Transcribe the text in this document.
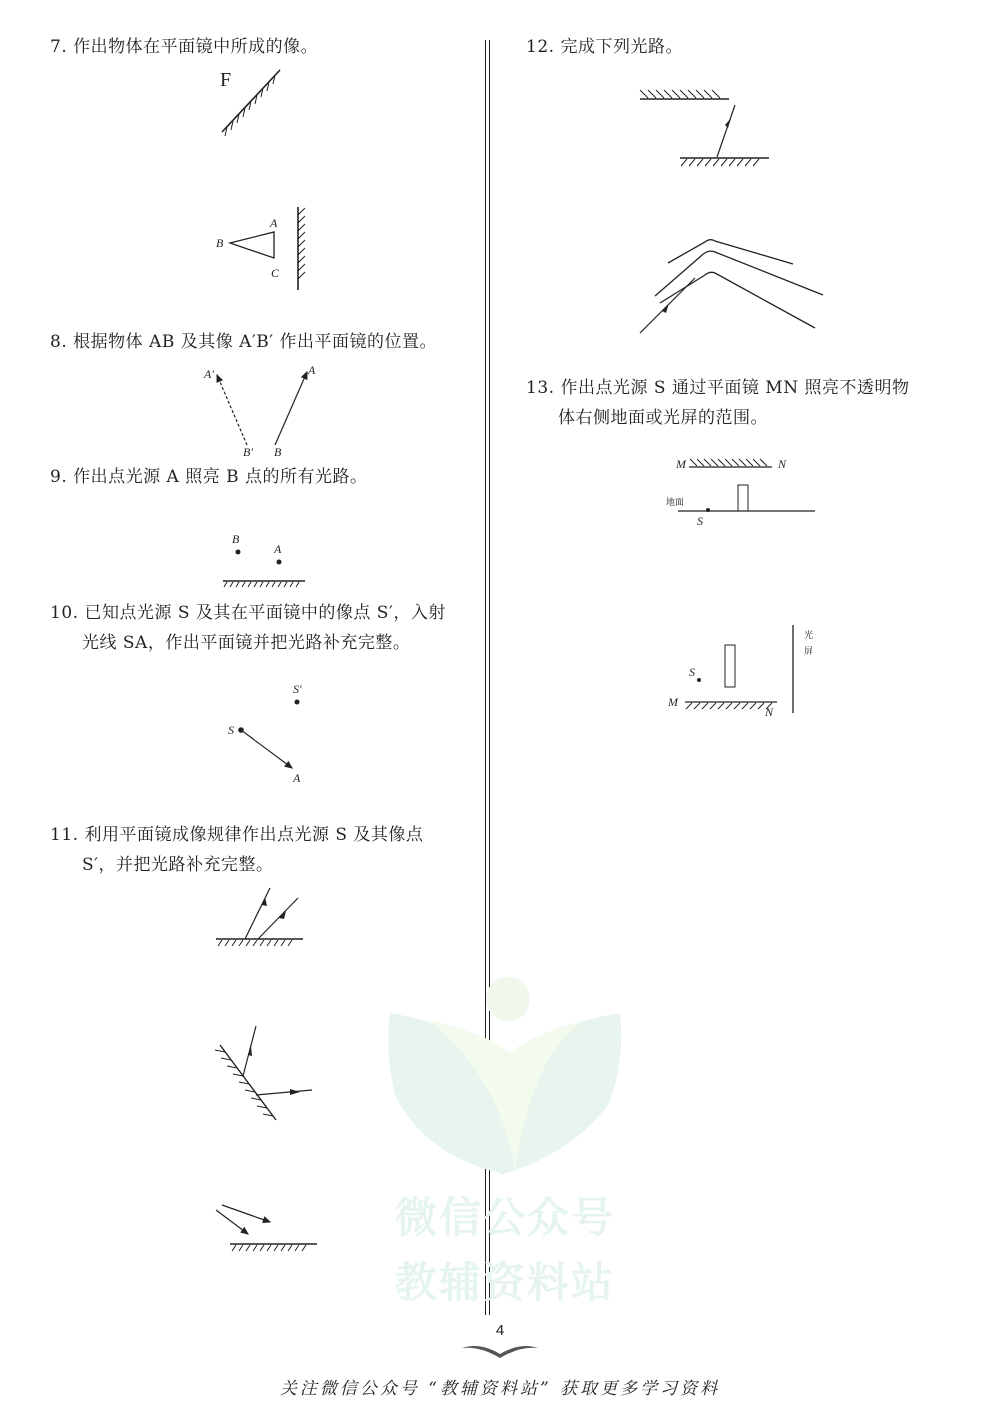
7. 作出物体在平面镜中所成的像。
F
B
A
C
8. 根据物体 AB 及其像 A′B′ 作出平面镜的位置。
A′	A
B′ B
9. 作出点光源 A 照亮 B 点的所有光路。
B
A
10. 已知点光源 S 及其在平面镜中的像点 S′，入射
光线 SA，作出平面镜并把光路补充完整。
S'
S
A
11. 利用平面镜成像规律作出点光源 S 及其像点
S′，并把光路补充完整。
微信公众号
教辅资料站
12. 完成下列光路。
13. 作出点光源 S 通过平面镜 MN 照亮不透明物
体右侧地面或光屏的范围。
M	N
地面
S
光
屏
S
M
N
4
关注微信公众号 “教辅资料站” 获取更多学习资料
